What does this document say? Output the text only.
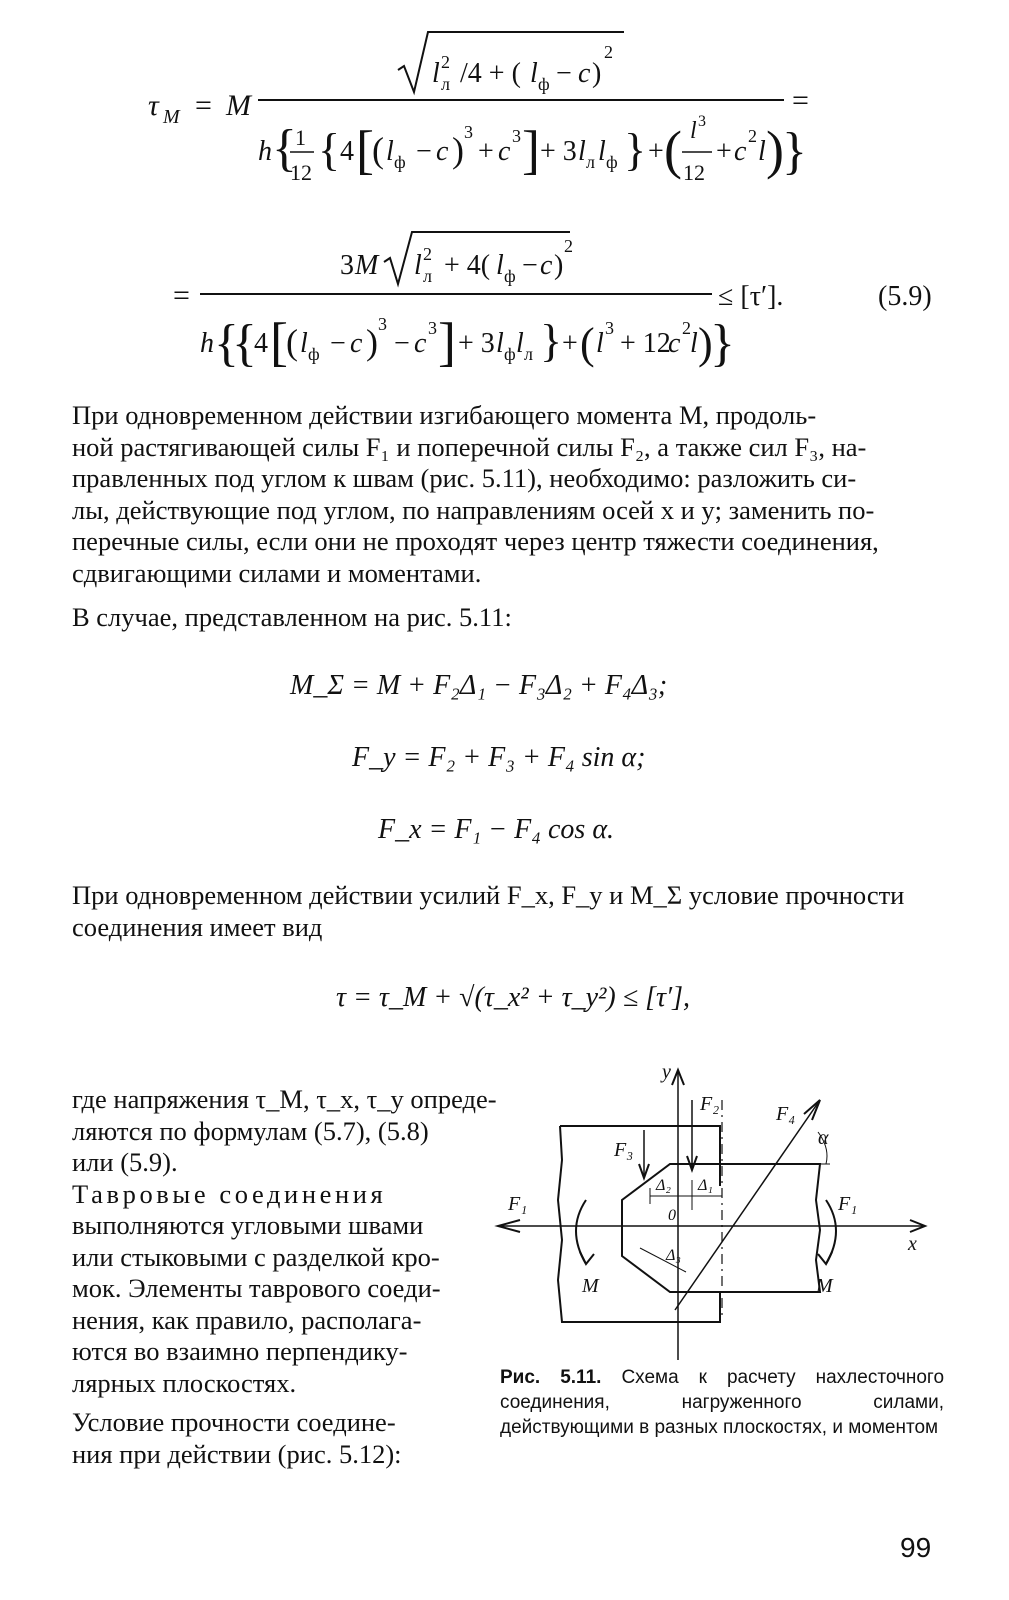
τ M = M
l 2
л /4 + ( l ф − c )
2
=
h {
1
12 { 4 [
( l ф − c ) 3
+ c 3 ] + 3 l л l ф } + ( l 3
12
+ c 2 l )
}
=
3 M l 2
л + 4( l ф − c )
2
≤ [τ′].	(5.9)
h {
{
4 [
( l ф − c ) 3
− c 3 ] + 3 l ф l л } + ( l 3 + 12
c 2 l )
}
При одновременном действии изгибающего момента M, продоль-
ной растягивающей силы F₁ и поперечной силы F₂, а также сил F₃, на-
правленных под углом к швам (рис. 5.11), необходимо: разложить си-
лы, действующие под углом, по направлениям осей x и y; заменить по-
перечные силы, если они не проходят через центр тяжести соединения,
сдвигающими силами и моментами.
В случае, представленном на рис. 5.11:
M_Σ = M + F₂Δ₁ − F₃Δ₂ + F₄Δ₃;
F_y = F₂ + F₃ + F₄ sin α;
F_x = F₁ − F₄ cos α.
При одновременном действии усилий F_x, F_y и M_Σ условие прочности
соединения имеет вид
τ = τ_M + √(τ_x² + τ_y²) ≤ [τ′],
где напряжения τ_M, τ_x, τ_y опреде-
ляются по формулам (5.7), (5.8)
или (5.9).
Тавровые соединения
выполняются угловыми швами
или стыковыми с разделкой кро-
мок. Элементы таврового соеди-
нения, как правило, располага-
ются во взаимно перпендику-
лярных плоскостях.
Условие прочности соедине-
ния при действии (рис. 5.12):
y
x
F₁	F₁
F₂
F₃
F₄
α
Δ₁
Δ₂
Δ₃
0
M	M

Рис. 5.11. Схема к расчету нахлесточного соединения, нагруженного силами, действующими в разных плоскостях, и моментом

99
